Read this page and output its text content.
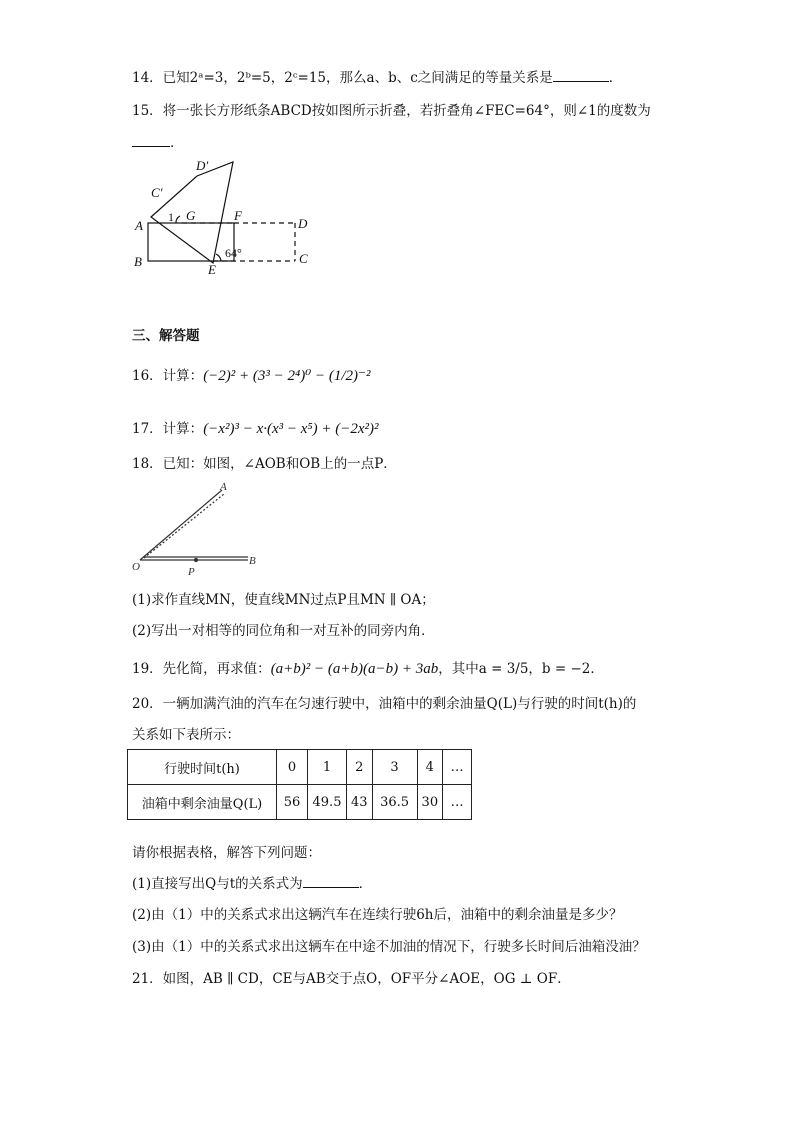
14．已知2ᵃ=3，2ᵇ=5，2ᶜ=15，那么a、b、c之间满足的等量关系是	．
15．将一张长方形纸条ABCD按如图所示折叠，若折叠角∠FEC=64°，则∠1的度数为
．
D′
C′
A
1 G	F
D
B
E
64°	C
三、解答题
16．计算：(−2)² + (3³ − 2⁴)⁰ − (1/2)⁻²
17．计算：(−x²)³ − x·(x³ − x⁵) + (−2x²)²
18．已知：如图，∠AOB和OB上的一点P．
A
O	P
B
(1)求作直线MN，使直线MN过点P且MN ∥ OA；
(2)写出一对相等的同位角和一对互补的同旁内角．
19．先化简，再求值：(a+b)² − (a+b)(a−b) + 3ab，其中a = 3/5，b = −2．
20．一辆加满汽油的汽车在匀速行驶中，油箱中的剩余油量Q(L)与行驶的时间t(h)的
关系如下表所示：
行驶时间t(h)	0	1	2	3	4	…
油箱中剩余油量Q(L)	56	49.5	43	36.5	30	…
请你根据表格，解答下列问题：
(1)直接写出Q与t的关系式为	．
(2)由（1）中的关系式求出这辆汽车在连续行驶6h后，油箱中的剩余油量是多少？
(3)由（1）中的关系式求出这辆车在中途不加油的情况下，行驶多长时间后油箱没油？
21．如图，AB ∥ CD，CE与AB交于点O，OF平分∠AOE，OG ⊥ OF．
